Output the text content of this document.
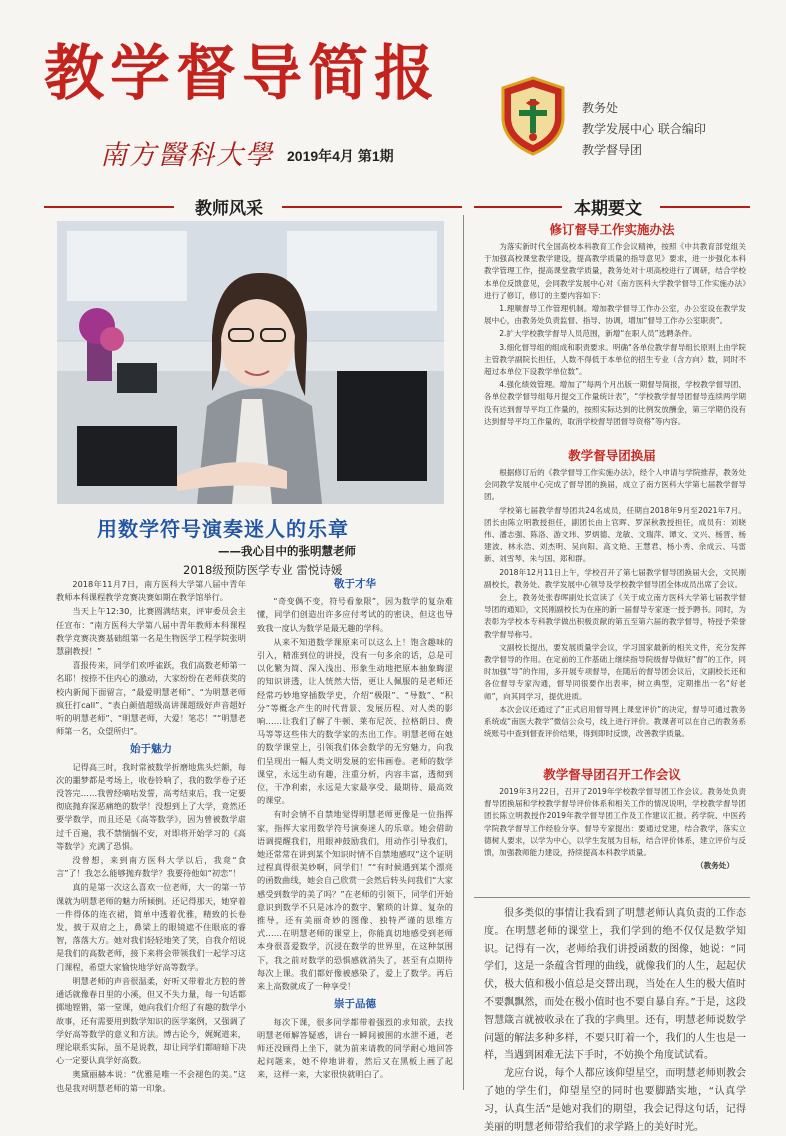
教学督导简报
南方醫科大學 2019年4月 第1期
教务处
教学发展中心 联合编印
教学督导团
教师风采	本期要文
用数学符号演奏迷人的乐章
——我心目中的张明慧老师
2018级预防医学专业 雷悦诗媛

2018年11月7日，南方医科大学第八届中青年教师本科课程教学竞赛决赛如期在教学馆举行。

当天上午12:30，比赛圆满结束，评审委员会主任宣布：“南方医科大学第八届中青年教师本科课程教学竞赛决赛基础组第一名是生物医学工程学院张明慧副教授！”

喜报传来，同学们欢呼雀跃，我们高数老师第一名耶！按捺不住内心的激动，大家纷纷在老师获奖的校内新闻下面留言，“最爱明慧老师”、“为明慧老师疯狂打call”、“表白颜值超级高讲课超级好声音超好听的明慧老师”、“明慧老师，大爱！笔芯！”“明慧老师第一名，众望所归”。

始于魅力

记得高三时，我时常被数学折磨地焦头烂额，每次的噩梦都是考场上，收卷铃响了，我的数学卷子还没答完……我曾经嘀咕发誓，高考结束后，我一定要彻底抛弃深恶痛绝的数学！没想到上了大学，竟然还要学数学，而且还是《高等数学》，因为曾被数学虐过千百遍，我不禁惴惴不安，对即将开始学习的《高等数学》充满了恐惧。

没曾想，来到南方医科大学以后，我竟“食言”了！我怎么能够抛弃数学？我要待他如“初恋”！

真的是第一次这么喜欢一位老师，大一的第一节课就为明慧老师的魅力所倾倒。还记得那天，她穿着一件得体的连衣裙，简单中透着优雅，精致的长卷发，披于双肩之上，鼻梁上的眼镜遮不住眼底的睿智，落落大方。她对我们轻轻地笑了笑，自我介绍说是我们的高数老师，接下来将会带领我们一起学习这门课程，希望大家愉快地学好高等数学。

明慧老师的声音很温柔，好听又带着北方腔的普通话就像春日里的小溪，但又不失力量，每一句话都掷地铿锵，第一堂课，她向我们介绍了有趣的数学小故事，还有需要用到数学知识的医学案例，又强调了学好高等数学的意义和方法。博古论今，娓娓道来，理论联系实际，虽不是说教，却让同学们都暗暗下决心一定要认真学好高数。

奥黛丽赫本说：“优雅是唯一不会褪色的美。”这也是我对明慧老师的第一印象。

敬于才华

“奇变偶不变，符号看象限”，因为数学的复杂难懂，同学们创造出许多应付考试的的密诀，但这也导致我一度认为数学是最无趣的学科。

从来不知道数学课原来可以这么上！饱含趣味的引入，精准到位的讲授，没有一句多余的话，总是可以化繁为简、深入浅出、形象生动地把原本抽象晦涩的知识讲透，让人恍然大悟，更让人佩服的是老师还经常巧妙地穿插数学史，介绍“极限”、“导数”、“积分”等概念产生的时代背景、发展历程、对人类的影响……让我们了解了牛顿、莱布尼茨、拉格朗日、费马等等这些伟大的数学家的杰出工作。明慧老师在她的数学课堂上，引领我们体会数学的无穷魅力，向我们呈现出一幅人类文明发展的宏伟画卷。老师的数学课堂，永远生动有趣，注重分析，内容丰富，透彻到位，干净利索，永远是大家最享受、最期待、最高效的课堂。

有时会情不自禁地觉得明慧老师更像是一位指挥家，指挥大家用数学符号演奏迷人的乐章。她会借助语调提醒我们，用眼神鼓励我们，用动作引导我们，她还常常在讲到某个知识时情不自禁地感叹“这个证明过程真得很美妙啊，同学们！”“有时候遇到某个漂亮的函数曲线，她会自己欣赏一会然后转头问我们“大家感受到数学的美了吗？”在老师的引领下，同学们开始意识到数学不只是冰冷的数字、繁琐的计算、复杂的推导，还有美丽奇妙的图像、独特严谨的思维方式……在明慧老师的课堂上，你能真切地感受到老师本身很喜爱数学，沉浸在数学的世界里，在这种氛围下，我之前对数学的恐惧感就消失了，甚至有点期待每次上课。我们都好像被感染了，爱上了数学。再后来上高数就成了一种享受！

崇于品德

每次下课，很多同学都带着强烈的求知欲，去找明慧老师解答疑惑，讲台一瞬间被围的水泄不通，老师还没顾得上坐下，就为前来请教的同学耐心地回答起问题来，她不停地讲着，然后又在黑板上画了起来，这样一来，大家很快就明白了。

修订督导工作实施办法

为落实新时代全国高校本科教育工作会议精神，按照《中共教育部党组关于加强高校课堂教学建设，提高教学质量的指导意见》要求，进一步强化本科教学管理工作，提高课堂教学质量，教务处对十项高校进行了调研，结合学校本单位反馈意见，会同教学发展中心对《南方医科大学教学督导工作实施办法》进行了修订，修订的主要内容如下：

1.理顺督导工作管理机制。增加教学督导工作办公室，办公室设在教学发展中心，由教务处负责监督、指导、协调，增加“督导工作办公室职责”。

2.扩大学校教学督导人员范围，新增“在职人员”选聘条件。

3.细化督导组的组成和职责要求。明确“各单位教学督导组长原则上由学院主管教学副院长担任，人数不得低于本单位的招生专业（含方向）数，同时不超过本单位下设教学单位数”。

4.强化绩效管理。增加了“每两个月出版一期督导简报，学校教学督导团、各单位教学督导组每月提交工作量统计表”，“学校教学督导团督导连续两学期没有达到督导平均工作量的，按照实际达到的比例发放酬金，第三学期仍没有达到督导平均工作量的，取消学校督导团督导资格”等内容。

教学督导团换届

根据修订后的《教学督导工作实施办法》，经个人申请与学院推荐，教务处会同教学发展中心完成了督导团的换届，成立了南方医科大学第七届教学督导团。

学校第七届教学督导团共24名成员，任期自2018年9月至2021年7月。团长由陈立明教授担任，副团长由上官晖、罗深秋教授担任，成员有：刘晓伟、潘志强、陈洛、游文玮、罗炳德、龙敏、文瑞萍、谭文、文兴、杨晋、杨建波、林永浩、刘杰明、吴向阳、高文艳、王慧君、杨小秀、余成云、马雷新、刘雪琴、朱与国、郑和群。

2018年12月11日上午，学校召开了第七届教学督导团换届大会，文民刚副校长，教务处、教学发展中心领导及学校教学督导团全体成员出席了会议。

会上，教务处张春晖副处长宣读了《关于成立南方医科大学第七届教学督导团的通知》，文民刚副校长为在座的新一届督导专家逐一授予聘书。同时，为表彰为学校本专科教学做出积极贡献的第五至第六届的教学督导，特授予荣誉教学督导称号。

文副校长提出，要发展质量学会议，学习国家最新的相关文件，充分发挥教学督导的作用。在定前的工作基础上继续指导院级督导做好“督”的工作，同时加强“导”的作用，多开展专项督导，在随后的督导团会议后，文副校长还和各位督导专家沟通，督导同很要作出表率，树立典型，定期推出一名“好老师”，向其同学习，提优进质。

本次会议还通过了“正式启用督导网上课堂评价”的决定，督导可通过教务系统或“南医大教学”微信公众号，线上进行评价。教课者可以在自己的教务系统账号中查到督查评价结果，得到即时反馈，改善教学质量。

教学督导团召开工作会议

2019年3月22日，召开了2019年学校教学督导团工作会议。教务处负责督导团换届和学校教学督导评价体系和相关工作的情况说明，学校教学督导团团长陈立明教授作2019年教学督导团工作及工作建议汇报。药学院、中医药学院教学督导工作经验分享。督导专家提出：要通过党建，结合教学，落实立德树人要求，以学为中心，以学生发展为目标，结合评价体系，建立评价与反馈，加强教师能力建设，持续提高本科教学质量。

（教务处）

很多类似的事情让我看到了明慧老师认真负责的工作态度。在明慧老师的课堂上，我们学到的绝不仅仅是数学知识。记得有一次，老师给我们讲授函数的图像，她说：“同学们，这是一条蕴含哲理的曲线，就像我们的人生，起起伏伏，极大值和极小值总是交替出现，当处在人生的极大值时不要飘飘然，而处在极小值时也不要自暴自弃。”于是，这段智慧箴言就被收录在了我的字典里。还有，明慧老师说数学问题的解法多种多样，不要只盯着一个，我们的人生也是一样，当遇到困难无法下手时，不妨换个角度试试看。

龙应台说，每个人都应该仰望星空，而明慧老师则教会了她的学生们，仰望星空的同时也要脚踏实地，“认真学习，认真生活”是她对我们的期望，我会记得这句话，记得美丽的明慧老师带给我们的求学路上的美好时光。
